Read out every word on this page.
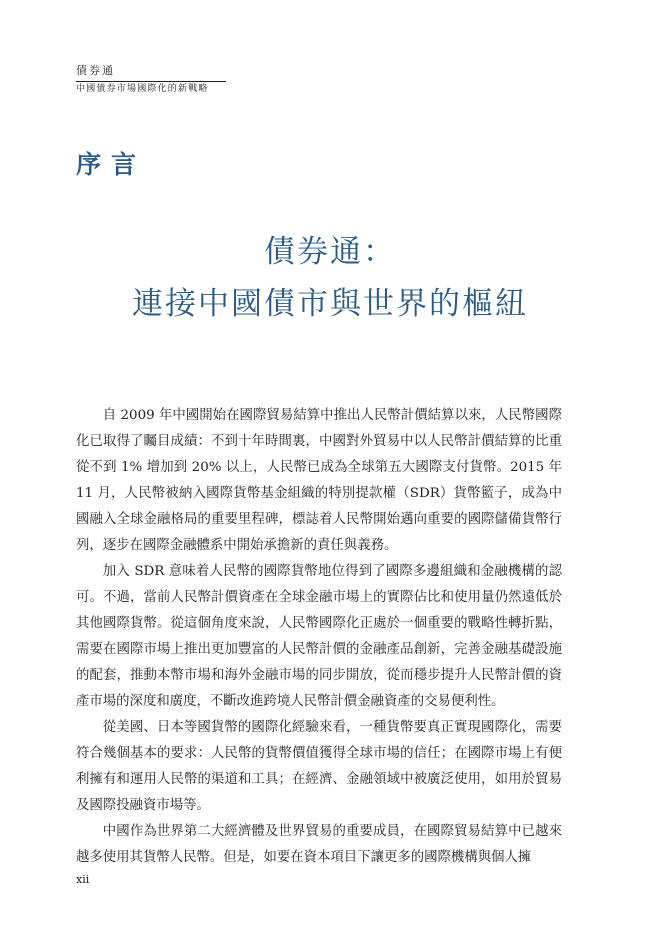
債券通
中國債券市場國際化的新戰略
序言
債券通：
連接中國債市與世界的樞紐

自 2009 年中國開始在國際貿易結算中推出人民幣計價結算以來，人民幣國際化已取得了矚目成績：不到十年時間裏，中國對外貿易中以人民幣計價結算的比重從不到 1% 增加到 20% 以上，人民幣已成為全球第五大國際支付貨幣。2015 年 11 月，人民幣被納入國際貨幣基金組織的特別提款權（SDR）貨幣籃子，成為中國融入全球金融格局的重要里程碑，標誌着人民幣開始邁向重要的國際儲備貨幣行列，逐步在國際金融體系中開始承擔新的責任與義務。

加入 SDR 意味着人民幣的國際貨幣地位得到了國際多邊組織和金融機構的認可。不過，當前人民幣計價資產在全球金融市場上的實際佔比和使用量仍然遠低於其他國際貨幣。從這個角度來說，人民幣國際化正處於一個重要的戰略性轉折點，需要在國際市場上推出更加豐富的人民幣計價的金融產品創新，完善金融基礎設施的配套，推動本幣市場和海外金融市場的同步開放，從而穩步提升人民幣計價的資產市場的深度和廣度，不斷改進跨境人民幣計價金融資產的交易便利性。

從美國、日本等國貨幣的國際化經驗來看，一種貨幣要真正實現國際化，需要符合幾個基本的要求：人民幣的貨幣價值獲得全球市場的信任；在國際市場上有便利擁有和運用人民幣的渠道和工具；在經濟、金融領域中被廣泛使用，如用於貿易及國際投融資市場等。

中國作為世界第二大經濟體及世界貿易的重要成員，在國際貿易結算中已越來越多使用其貨幣人民幣。但是，如要在資本項目下讓更多的國際機構與個人擁

xii
